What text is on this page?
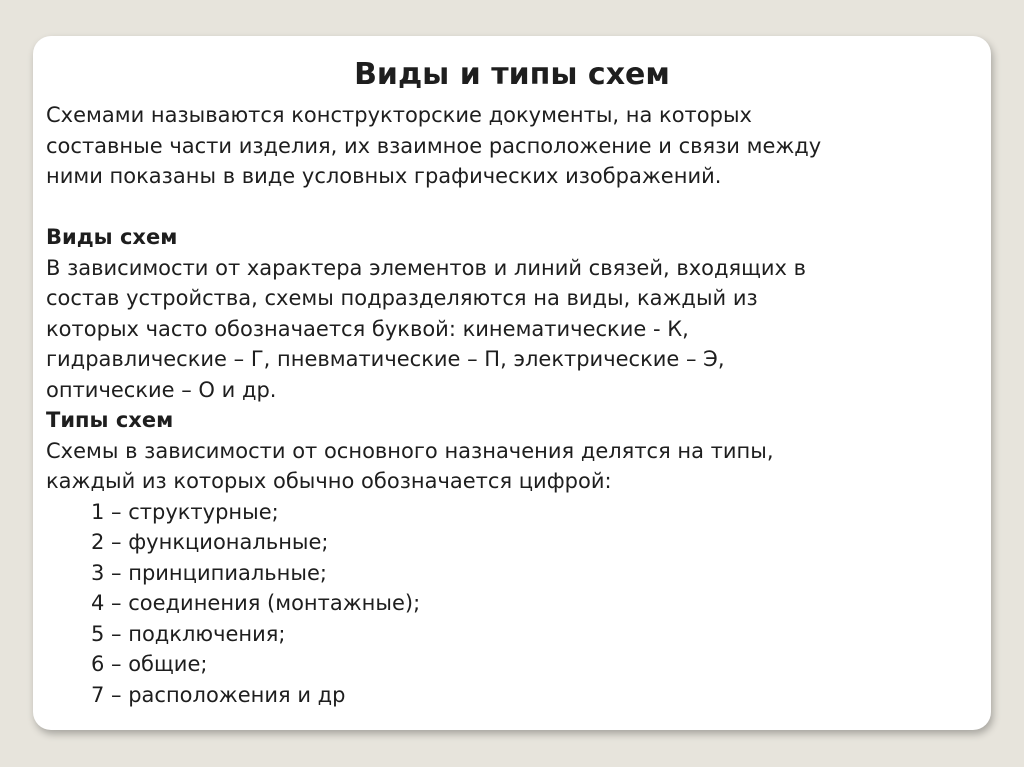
Виды и типы схем

Схемами называются конструкторские документы, на которых

составные части изделия, их взаимное расположение и связи между

ними показаны в виде условных графических изображений.

Виды схем

В зависимости от характера элементов и линий связей, входящих в

состав устройства, схемы подразделяются на виды, каждый из

которых часто обозначается буквой: кинематические - К,

гидравлические – Г, пневматические – П, электрические – Э,

оптические – О и др.

Типы схем

Схемы в зависимости от основного назначения делятся на типы,

каждый из которых обычно обозначается цифрой:

1 – структурные;
2 – функциональные;
3 – принципиальные;
4 – соединения (монтажные);
5 – подключения;
6 – общие;
7 – расположения и др
